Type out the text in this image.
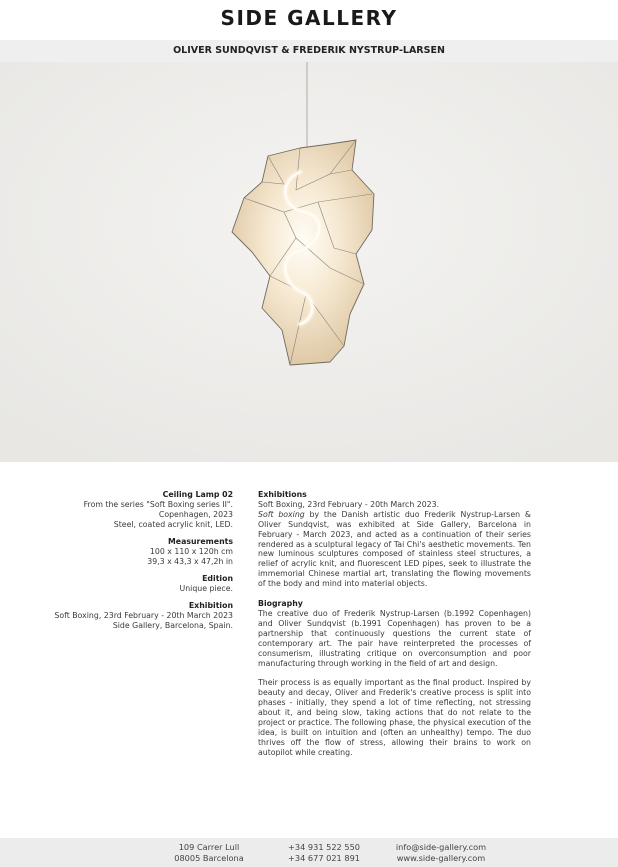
SIDE GALLERY
OLIVER SUNDQVIST & FREDERIK NYSTRUP-LARSEN
Ceiling Lamp 02
From the series "Soft Boxing series II".
Copenhagen, 2023
Steel, coated acrylic knit, LED.
Measurements
100 x 110 x 120h cm
39,3 x 43,3 x 47,2h in
Edition
Unique piece.
Exhibition
Soft Boxing, 23rd February - 20th March 2023
Side Gallery, Barcelona, Spain.
Exhibitions

Soft Boxing, 23rd February - 20th March 2023.

Soft boxing by the Danish artistic duo Frederik Nystrup-Larsen & Oliver Sundqvist, was exhibited at Side Gallery, Barcelona in February - March 2023, and acted as a continuation of their series rendered as a sculptural legacy of Tai Chi's aesthetic movements. Ten new luminous sculptures composed of stainless steel structures, a relief of acrylic knit, and fluorescent LED pipes, seek to illustrate the immemorial Chinese martial art, translating the flowing movements of the body and mind into material objects.

Biography

The creative duo of Frederik Nystrup-Larsen (b.1992 Copenhagen) and Oliver Sundqvist (b.1991 Copenhagen) has proven to be a partnership that continuously questions the current state of contemporary art. The pair have reinterpreted the processes of consumerism, illustrating critique on overconsumption and poor manufacturing through working in the field of art and design.

Their process is as equally important as the final product. Inspired by beauty and decay, Oliver and Frederik's creative process is split into phases - initially, they spend a lot of time reflecting, not stressing about it, and being slow, taking actions that do not relate to the project or practice. The following phase, the physical execution of the idea, is built on intuition and (often an unhealthy) tempo. The duo thrives off the flow of stress, allowing their brains to work on autopilot while creating.

109 Carrer Lull
08005 Barcelona
+34 931 522 550
+34 677 021 891
info@side-gallery.com
www.side-gallery.com
